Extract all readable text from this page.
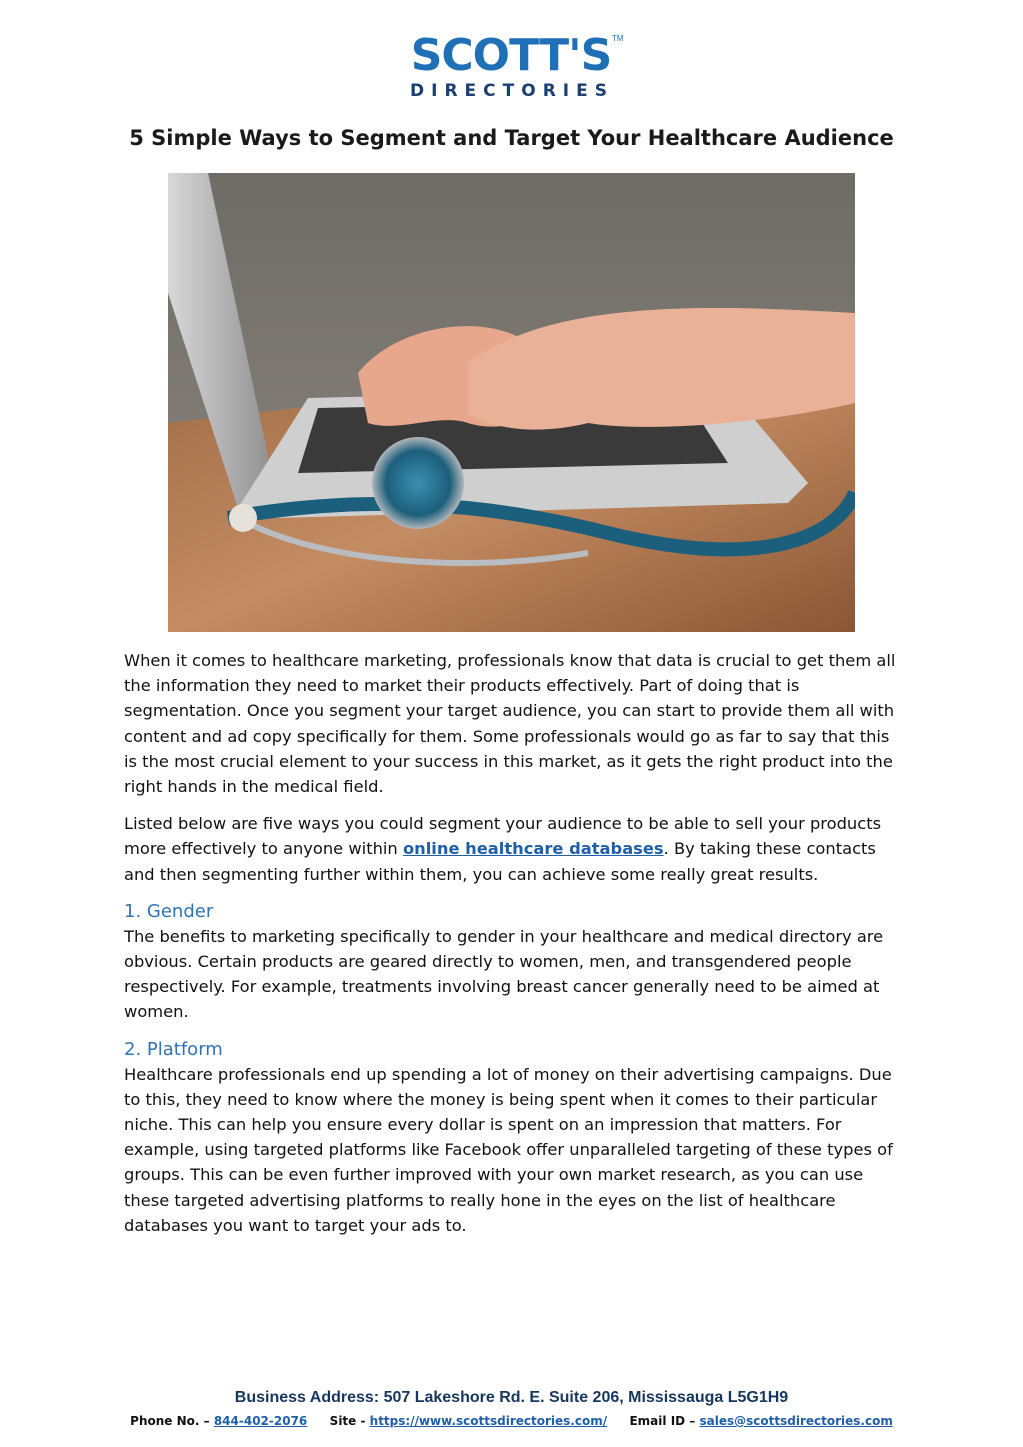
SCOTT'S TM
DIRECTORIES
5 Simple Ways to Segment and Target Your Healthcare Audience

When it comes to healthcare marketing, professionals know that data is crucial to get them all the information they need to market their products effectively. Part of doing that is segmentation. Once you segment your target audience, you can start to provide them all with content and ad copy specifically for them. Some professionals would go as far to say that this is the most crucial element to your success in this market, as it gets the right product into the right hands in the medical field.

Listed below are five ways you could segment your audience to be able to sell your products more effectively to anyone within online healthcare databases. By taking these contacts and then segmenting further within them, you can achieve some really great results.

1. Gender

The benefits to marketing specifically to gender in your healthcare and medical directory are obvious. Certain products are geared directly to women, men, and transgendered people respectively. For example, treatments involving breast cancer generally need to be aimed at women.

2. Platform

Healthcare professionals end up spending a lot of money on their advertising campaigns. Due to this, they need to know where the money is being spent when it comes to their particular niche. This can help you ensure every dollar is spent on an impression that matters. For example, using targeted platforms like Facebook offer unparalleled targeting of these types of groups. This can be even further improved with your own market research, as you can use these targeted advertising platforms to really hone in the eyes on the list of healthcare databases you want to target your ads to.

Business Address: 507 Lakeshore Rd. E. Suite 206, Mississauga L5G1H9
Phone No. – 844-402-2076 Site - https://www.scottsdirectories.com/ Email ID – sales@scottsdirectories.com
